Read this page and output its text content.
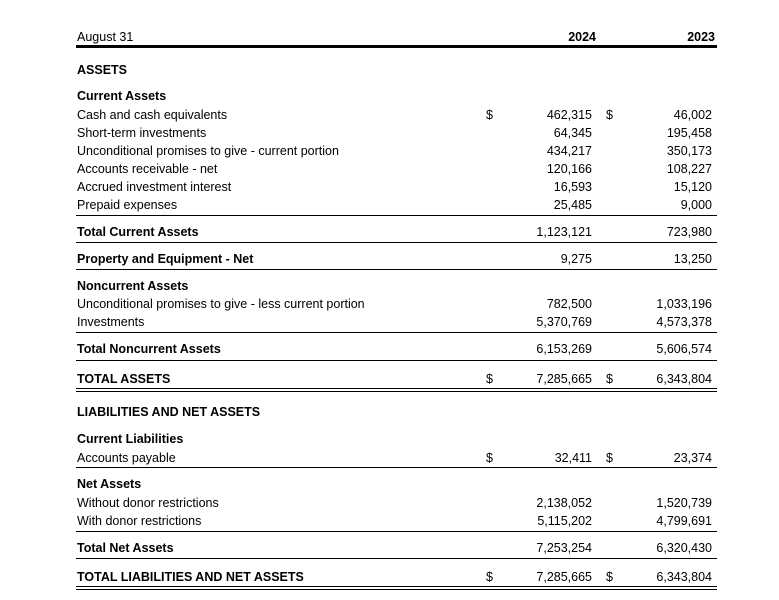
August 31	2024	2023
ASSETS
Current Assets
Cash and cash equivalents	$	462,315 $	46,002
Short-term investments	64,345	195,458
Unconditional promises to give - current portion	434,217	350,173
Accounts receivable - net	120,166	108,227
Accrued investment interest	16,593	15,120
Prepaid expenses	25,485	9,000
Total Current Assets	1,123,121	723,980
Property and Equipment - Net	9,275	13,250
Noncurrent Assets
Unconditional promises to give - less current portion	782,500	1,033,196
Investments	5,370,769	4,573,378
Total Noncurrent Assets	6,153,269	5,606,574
TOTAL ASSETS	$	7,285,665 $	6,343,804
LIABILITIES AND NET ASSETS
Current Liabilities
Accounts payable	$	32,411 $	23,374
Net Assets
Without donor restrictions	2,138,052	1,520,739
With donor restrictions	5,115,202	4,799,691
Total Net Assets	7,253,254	6,320,430
TOTAL LIABILITIES AND NET ASSETS	$	7,285,665 $	6,343,804
